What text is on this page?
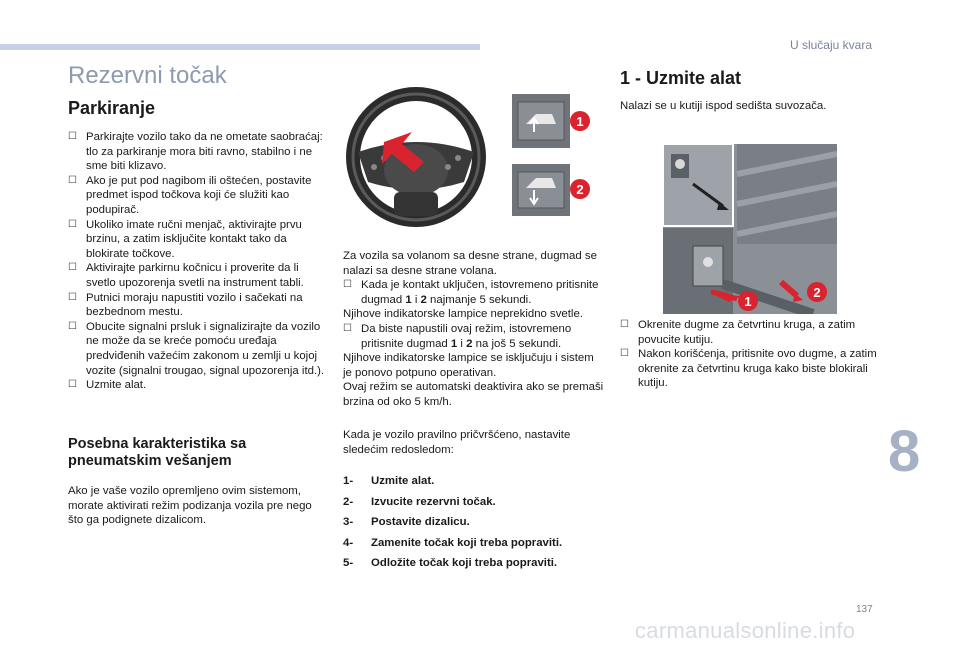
U slučaju kvara
Rezervni točak
Parkiranje
☐ Parkirajte vozilo tako da ne ometate saobraćaj: tlo za parkiranje mora biti ravno, stabilno i ne sme biti klizavo.
☐ Ako je put pod nagibom ili oštećen, postavite predmet ispod točkova koji će služiti kao podupirač.
☐ Ukoliko imate ručni menjač, aktivirajte prvu brzinu, a zatim isključite kontakt tako da blokirate točkove.
☐ Aktivirajte parkirnu kočnicu i proverite da li svetlo upozorenja svetli na instrument tabli.
☐ Putnici moraju napustiti vozilo i sačekati na bezbednom mestu.
☐ Obucite signalni prsluk i signalizirajte da vozilo ne može da se kreće pomoću uređaja predviđenih važećim zakonom u zemlji u kojoj vozite (signalni trougao, signal upozorenja itd.).
☐ Uzmite alat.
Posebna karakteristika sa pneumatskim vešanjem

Ako je vaše vozilo opremljeno ovim sistemom, morate aktivirati režim podizanja vozila pre nego što ga podignete dizalicom.

1
2

Za vozila sa volanom sa desne strane, dugmad se nalazi sa desne strane volana.

☐ Kada je kontakt uključen, istovremeno pritisnite dugmad 1 i 2 najmanje 5 sekundi.

Njihove indikatorske lampice neprekidno svetle.

☐ Da biste napustili ovaj režim, istovremeno pritisnite dugmad 1 i 2 na još 5 sekundi.

Njihove indikatorske lampice se isključuju i sistem je ponovo potpuno operativan.

Ovaj režim se automatski deaktivira ako se premaši brzina od oko 5 km/h.

Kada je vozilo pravilno pričvršćeno, nastavite sledećim redosledom:

1-	Uzmite alat.
2-	Izvucite rezervni točak.
3-	Postavite dizalicu.
4-	Zamenite točak koji treba popraviti.
5-	Odložite točak koji treba popraviti.
1 - Uzmite alat

Nalazi se u kutiji ispod sedišta suvozača.

1
2
☐ Okrenite dugme za četvrtinu kruga, a zatim povucite kutiju.
☐ Nakon korišćenja, pritisnite ovo dugme, a zatim okrenite za četvrtinu kruga kako biste blokirali kutiju.
8
137
carmanualsonline.info
